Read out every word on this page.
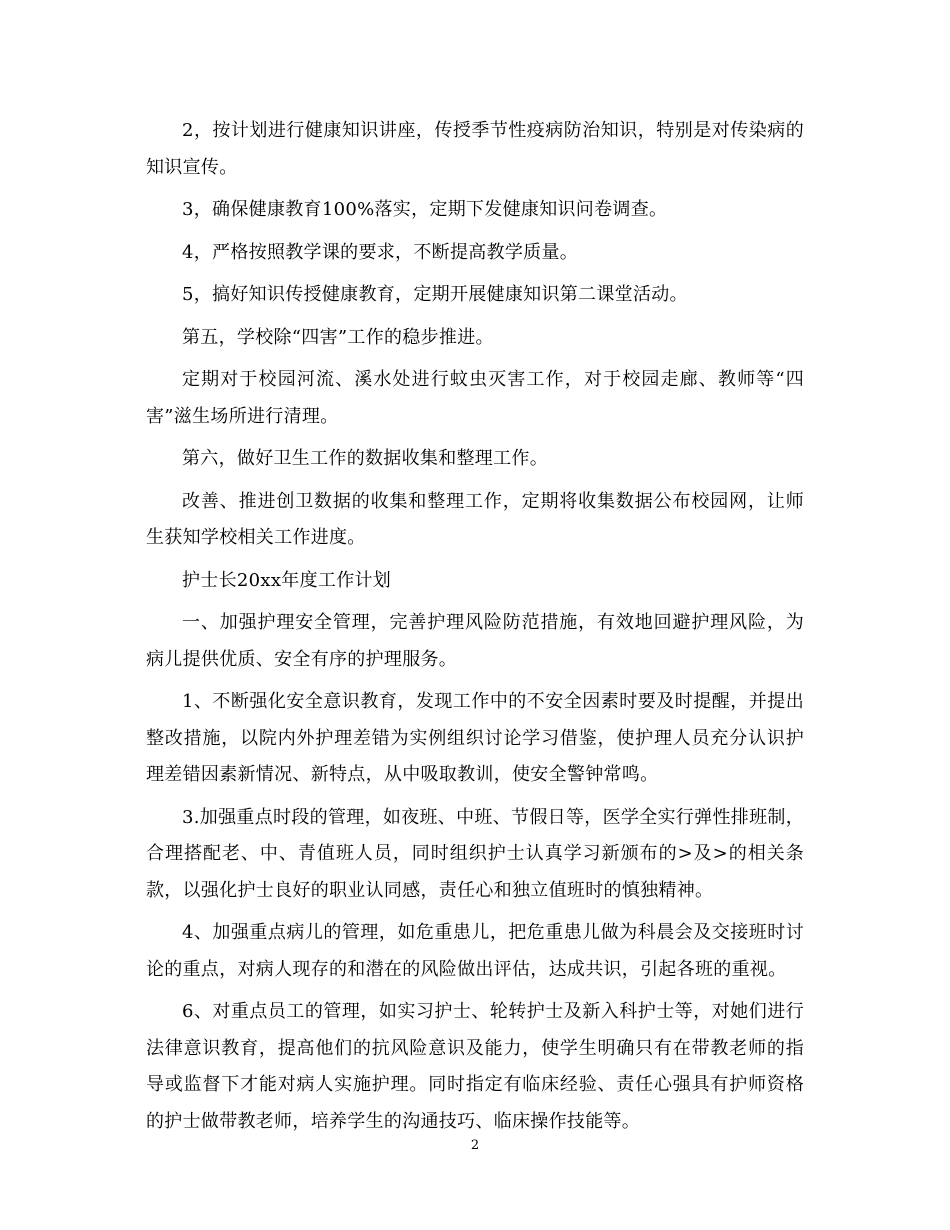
2，按计划进行健康知识讲座，传授季节性疫病防治知识，特别是对传染病的知识宣传。

3，确保健康教育100%落实，定期下发健康知识问卷调查。

4，严格按照教学课的要求，不断提高教学质量。

5，搞好知识传授健康教育，定期开展健康知识第二课堂活动。

第五，学校除“四害”工作的稳步推进。

定期对于校园河流、溪水处进行蚊虫灭害工作，对于校园走廊、教师等“四害”滋生场所进行清理。

第六，做好卫生工作的数据收集和整理工作。

改善、推进创卫数据的收集和整理工作，定期将收集数据公布校园网，让师生获知学校相关工作进度。

护士长20xx年度工作计划

一、加强护理安全管理，完善护理风险防范措施，有效地回避护理风险，为病儿提供优质、安全有序的护理服务。

1、不断强化安全意识教育，发现工作中的不安全因素时要及时提醒，并提出整改措施，以院内外护理差错为实例组织讨论学习借鉴，使护理人员充分认识护理差错因素新情况、新特点，从中吸取教训，使安全警钟常鸣。

3.加强重点时段的管理，如夜班、中班、节假日等，医学全实行弹性排班制，合理搭配老、中、青值班人员，同时组织护士认真学习新颁布的>及>的相关条款，以强化护士良好的职业认同感，责任心和独立值班时的慎独精神。

4、加强重点病儿的管理，如危重患儿，把危重患儿做为科晨会及交接班时讨论的重点，对病人现存的和潜在的风险做出评估，达成共识，引起各班的重视。

6、对重点员工的管理，如实习护士、轮转护士及新入科护士等，对她们进行法律意识教育，提高他们的抗风险意识及能力，使学生明确只有在带教老师的指导或监督下才能对病人实施护理。同时指定有临床经验、责任心强具有护师资格的护士做带教老师，培养学生的沟通技巧、临床操作技能等。

2
